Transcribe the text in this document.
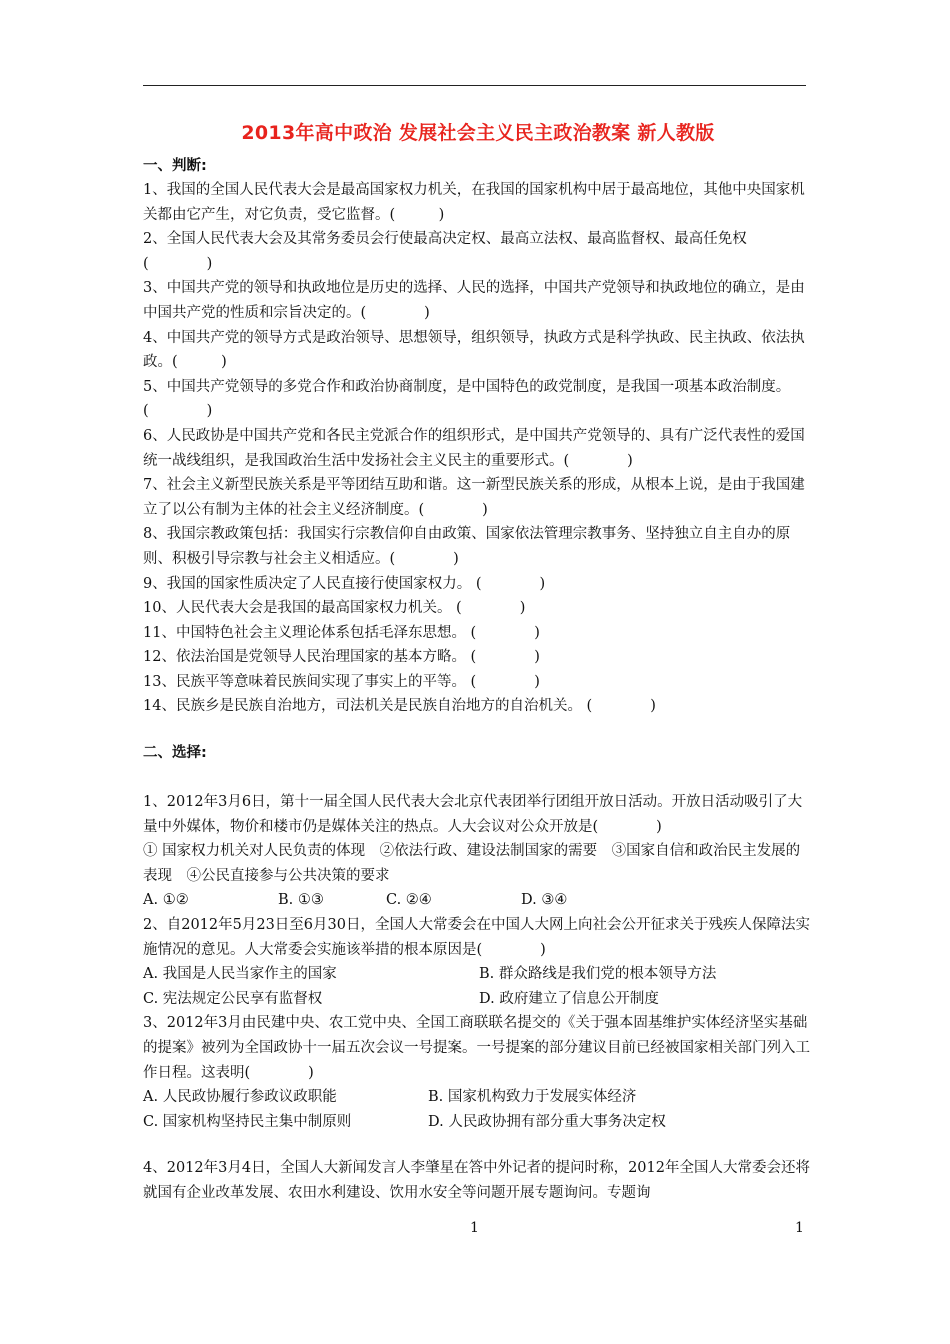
2013年高中政治 发展社会主义民主政治教案 新人教版
一、判断:

1、我国的全国人民代表大会是最高国家权力机关，在我国的国家机构中居于最高地位，其他中央国家机关都由它产生，对它负责，受它监督。(　　　)

2、全国人民代表大会及其常务委员会行使最高决定权、最高立法权、最高监督权、最高任免权 (　　　　)

3、中国共产党的领导和执政地位是历史的选择、人民的选择，中国共产党领导和执政地位的确立，是由中国共产党的性质和宗旨决定的。(　　　　)

4、中国共产党的领导方式是政治领导、思想领导，组织领导，执政方式是科学执政、民主执政、依法执政。(　　　)

5、中国共产党领导的多党合作和政治协商制度，是中国特色的政党制度，是我国一项基本政治制度。(　　　　)

6、人民政协是中国共产党和各民主党派合作的组织形式，是中国共产党领导的、具有广泛代表性的爱国统一战线组织，是我国政治生活中发扬社会主义民主的重要形式。(　　　　)

7、社会主义新型民族关系是平等团结互助和谐。这一新型民族关系的形成，从根本上说，是由于我国建立了以公有制为主体的社会主义经济制度。(　　　　)

8、我国宗教政策包括：我国实行宗教信仰自由政策、国家依法管理宗教事务、坚持独立自主自办的原则、积极引导宗教与社会主义相适应。(　　　　)

9、我国的国家性质决定了人民直接行使国家权力。 (　　　　)

10、人民代表大会是我国的最高国家权力机关。 (　　　　)

11、中国特色社会主义理论体系包括毛泽东思想。 (　　　　)

12、依法治国是党领导人民治理国家的基本方略。 (　　　　)

13、民族平等意味着民族间实现了事实上的平等。 (　　　　)

14、民族乡是民族自治地方，司法机关是民族自治地方的自治机关。 (　　　　)

二、选择:

1、2012年3月6日，第十一届全国人民代表大会北京代表团举行团组开放日活动。开放日活动吸引了大量中外媒体，物价和楼市仍是媒体关注的热点。人大会议对公众开放是(　　　　)

① 国家权力机关对人民负责的体现　②依法行政、建设法制国家的需要　③国家自信和政治民主发展的表现　④公民直接参与公共决策的要求

A. ①②	B. ①③	C. ②④	D. ③④

2、自2012年5月23日至6月30日，全国人大常委会在中国人大网上向社会公开征求关于残疾人保障法实施情况的意见。人大常委会实施该举措的根本原因是(　　　　)

A. 我国是人民当家作主的国家	B. 群众路线是我们党的根本领导方法
C. 宪法规定公民享有监督权	D. 政府建立了信息公开制度

3、2012年3月由民建中央、农工党中央、全国工商联联名提交的《关于强本固基维护实体经济坚实基础的提案》被列为全国政协十一届五次会议一号提案。一号提案的部分建议目前已经被国家相关部门列入工作日程。这表明(　　　　)

A. 人民政协履行参政议政职能	B. 国家机构致力于发展实体经济
C. 国家机构坚持民主集中制原则	D. 人民政协拥有部分重大事务决定权

4、2012年3月4日，全国人大新闻发言人李肇星在答中外记者的提问时称，2012年全国人大常委会还将就国有企业改革发展、农田水利建设、饮用水安全等问题开展专题询问。专题询

1	1
